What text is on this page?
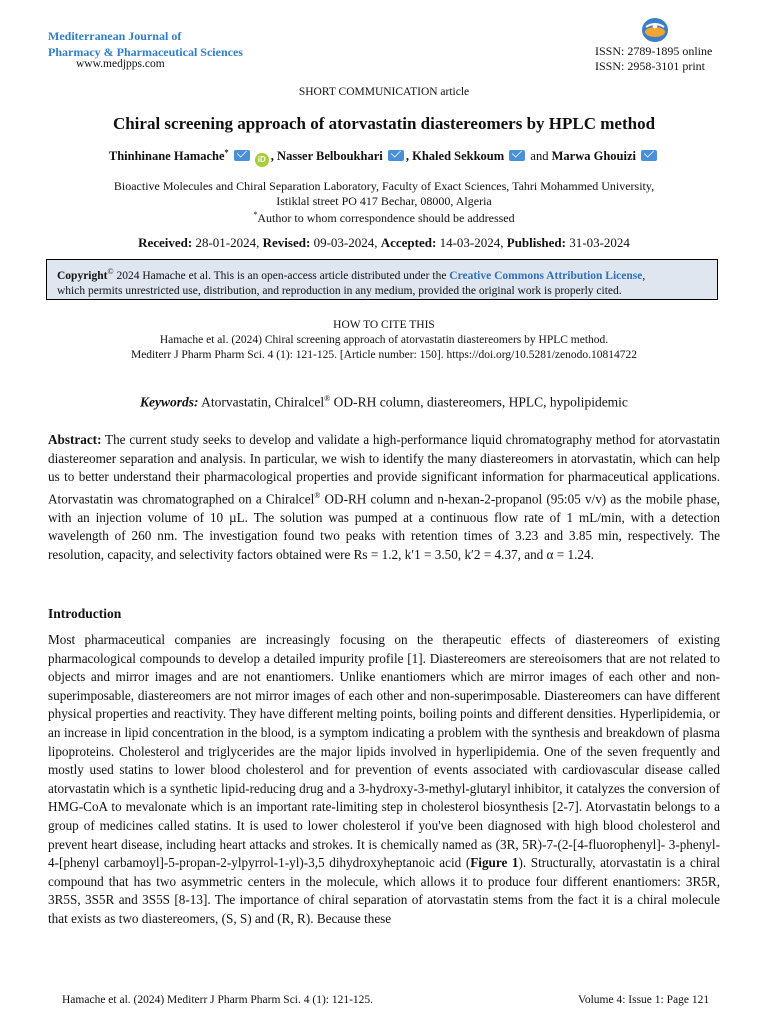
Mediterranean Journal of
Pharmacy & Pharmaceutical Sciences
www.medjpps.com
ISSN: 2789-1895 online
ISSN: 2958-3101 print
SHORT COMMUNICATION article
Chiral screening approach of atorvastatin diastereomers by HPLC method
Thinhinane Hamache*  iD , Nasser Belboukhari , Khaled Sekkoum  and Marwa Ghouizi
Bioactive Molecules and Chiral Separation Laboratory, Faculty of Exact Sciences, Tahri Mohammed University,
Istiklal street PO 417 Bechar, 08000, Algeria
*Author to whom correspondence should be addressed
Received: 28-01-2024, Revised: 09-03-2024, Accepted: 14-03-2024, Published: 31-03-2024
Copyright© 2024 Hamache et al. This is an open-access article distributed under the Creative Commons Attribution License,
which permits unrestricted use, distribution, and reproduction in any medium, provided the original work is properly cited.
HOW TO CITE THIS
Hamache et al. (2024) Chiral screening approach of atorvastatin diastereomers by HPLC method.
Mediterr J Pharm Pharm Sci. 4 (1): 121-125. [Article number: 150]. https://doi.org/10.5281/zenodo.10814722
Keywords: Atorvastatin, Chiralcel® OD-RH column, diastereomers, HPLC, hypolipidemic
Abstract: The current study seeks to develop and validate a high-performance liquid chromatography method for atorvastatin diastereomer separation and analysis. In particular, we wish to identify the many diastereomers in atorvastatin, which can help us to better understand their pharmacological properties and provide significant information for pharmaceutical applications. Atorvastatin was chromatographed on a Chiralcel® OD-RH column and n-hexan-2-propanol (95:05 v/v) as the mobile phase, with an injection volume of 10 µL. The solution was pumped at a continuous flow rate of 1 mL/min, with a detection wavelength of 260 nm. The investigation found two peaks with retention times of 3.23 and 3.85 min, respectively. The resolution, capacity, and selectivity factors obtained were Rs = 1.2, k′1 = 3.50, k′2 = 4.37, and α = 1.24.
Introduction
Most pharmaceutical companies are increasingly focusing on the therapeutic effects of diastereomers of existing pharmacological compounds to develop a detailed impurity profile [1]. Diastereomers are stereoisomers that are not related to objects and mirror images and are not enantiomers. Unlike enantiomers which are mirror images of each other and non-superimposable, diastereomers are not mirror images of each other and non-superimposable. Diastereomers can have different physical properties and reactivity. They have different melting points, boiling points and different densities. Hyperlipidemia, or an increase in lipid concentration in the blood, is a symptom indicating a problem with the synthesis and breakdown of plasma lipoproteins. Cholesterol and triglycerides are the major lipids involved in hyperlipidemia. One of the seven frequently and mostly used statins to lower blood cholesterol and for prevention of events associated with cardiovascular disease called atorvastatin which is a synthetic lipid-reducing drug and a 3-hydroxy-3-methyl-glutaryl inhibitor, it catalyzes the conversion of HMG-CoA to mevalonate which is an important rate-limiting step in cholesterol biosynthesis [2-7]. Atorvastatin belongs to a group of medicines called statins. It is used to lower cholesterol if you've been diagnosed with high blood cholesterol and prevent heart disease, including heart attacks and strokes. It is chemically named as (3R, 5R)-7-(2-[4-fluorophenyl]- 3-phenyl-4-[phenyl carbamoyl]-5-propan-2-ylpyrrol-1-yl)-3,5 dihydroxyheptanoic acid (Figure 1). Structurally, atorvastatin is a chiral compound that has two asymmetric centers in the molecule, which allows it to produce four different enantiomers: 3R5R, 3R5S, 3S5R and 3S5S [8-13]. The importance of chiral separation of atorvastatin stems from the fact it is a chiral molecule that exists as two diastereomers, (S, S) and (R, R). Because these
Hamache et al. (2024) Mediterr J Pharm Pharm Sci. 4 (1): 121-125.	Volume 4: Issue 1: Page 121
